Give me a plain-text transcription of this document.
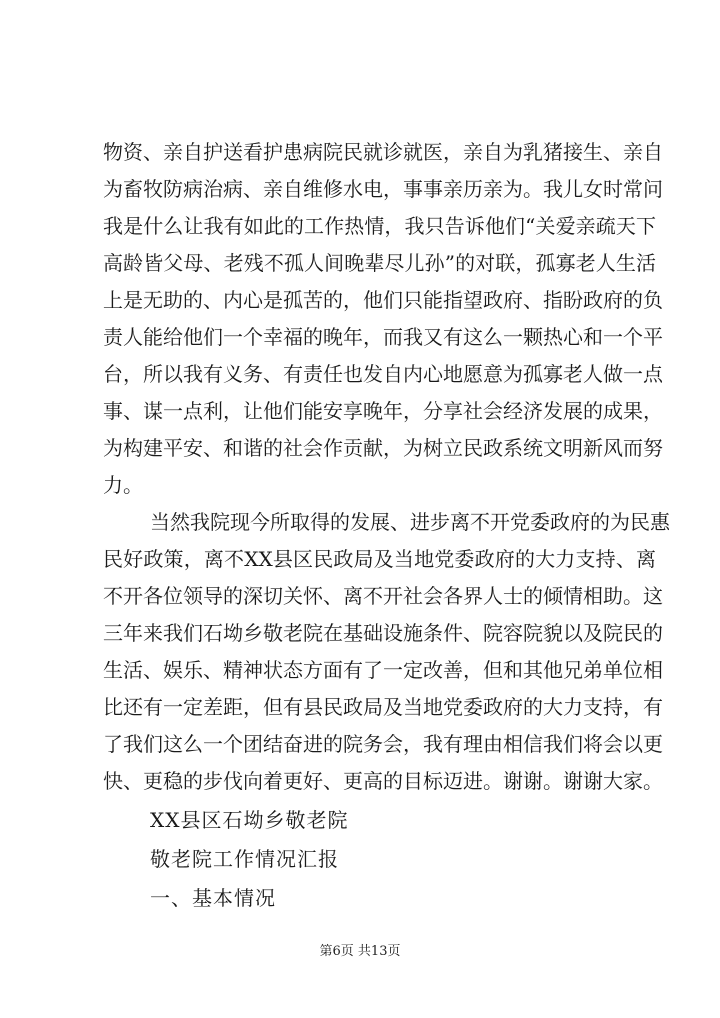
物资、亲自护送看护患病院民就诊就医，亲自为乳猪接生、亲自
为畜牧防病治病、亲自维修水电，事事亲历亲为。我儿女时常问
我是什么让我有如此的工作热情，我只告诉他们“关爱亲疏天下
高龄皆父母、老残不孤人间晚辈尽儿孙”的对联，孤寡老人生活
上是无助的、内心是孤苦的，他们只能指望政府、指盼政府的负
责人能给他们一个幸福的晚年，而我又有这么一颗热心和一个平
台，所以我有义务、有责任也发自内心地愿意为孤寡老人做一点
事、谋一点利，让他们能安享晚年，分享社会经济发展的成果，
为构建平安、和谐的社会作贡献，为树立民政系统文明新风而努
力。
当然我院现今所取得的发展、进步离不开党委政府的为民惠
民好政策，离不XX县区民政局及当地党委政府的大力支持、离
不开各位领导的深切关怀、离不开社会各界人士的倾情相助。这
三年来我们石坳乡敬老院在基础设施条件、院容院貌以及院民的
生活、娱乐、精神状态方面有了一定改善，但和其他兄弟单位相
比还有一定差距，但有县民政局及当地党委政府的大力支持，有
了我们这么一个团结奋进的院务会，我有理由相信我们将会以更
快、更稳的步伐向着更好、更高的目标迈进。谢谢。谢谢大家。
XX县区石坳乡敬老院
敬老院工作情况汇报
一、基本情况
第6页 共13页
